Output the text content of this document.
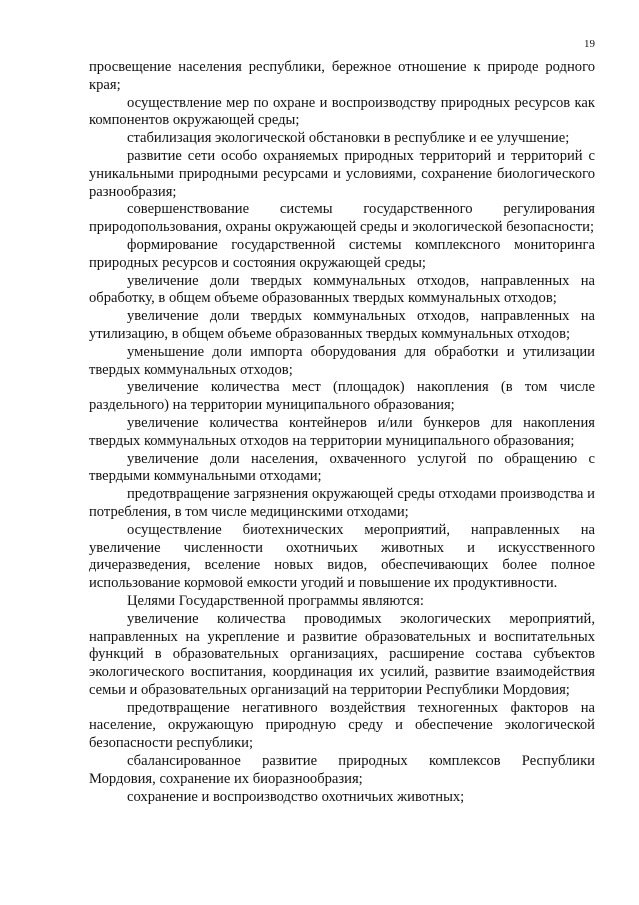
19

просвещение населения республики, бережное отношение к природе родного края;

осуществление мер по охране и воспроизводству природных ресурсов как компонентов окружающей среды;

стабилизация экологической обстановки в республике и ее улучшение;

развитие сети особо охраняемых природных территорий и территорий с уникальными природными ресурсами и условиями, сохранение биологического разнообразия;

совершенствование системы государственного регулирования природопользования, охраны окружающей среды и экологической безопасности;

формирование государственной системы комплексного мониторинга природных ресурсов и состояния окружающей среды;

увеличение доли твердых коммунальных отходов, направленных на обработку, в общем объеме образованных твердых коммунальных отходов;

увеличение доли твердых коммунальных отходов, направленных на утилизацию, в общем объеме образованных твердых коммунальных отходов;

уменьшение доли импорта оборудования для обработки и утилизации твердых коммунальных отходов;

увеличение количества мест (площадок) накопления (в том числе раздельного) на территории муниципального образования;

увеличение количества контейнеров и/или бункеров для накопления твердых коммунальных отходов на территории муниципального образования;

увеличение доли населения, охваченного услугой по обращению с твердыми коммунальными отходами;

предотвращение загрязнения окружающей среды отходами производства и потребления, в том числе медицинскими отходами;

осуществление биотехнических мероприятий, направленных на увеличение численности охотничьих животных и искусственного дичеразведения, вселение новых видов, обеспечивающих более полное использование кормовой емкости угодий и повышение их продуктивности.

Целями Государственной программы являются:

увеличение количества проводимых экологических мероприятий, направленных на укрепление и развитие образовательных и воспитательных функций в образовательных организациях, расширение состава субъектов экологического воспитания, координация их усилий, развитие взаимодействия семьи и образовательных организаций на территории Республики Мордовия;

предотвращение негативного воздействия техногенных факторов на население, окружающую природную среду и обеспечение экологической безопасности республики;

сбалансированное развитие природных комплексов Республики Мордовия, сохранение их биоразнообразия;

сохранение и воспроизводство охотничьих животных;
